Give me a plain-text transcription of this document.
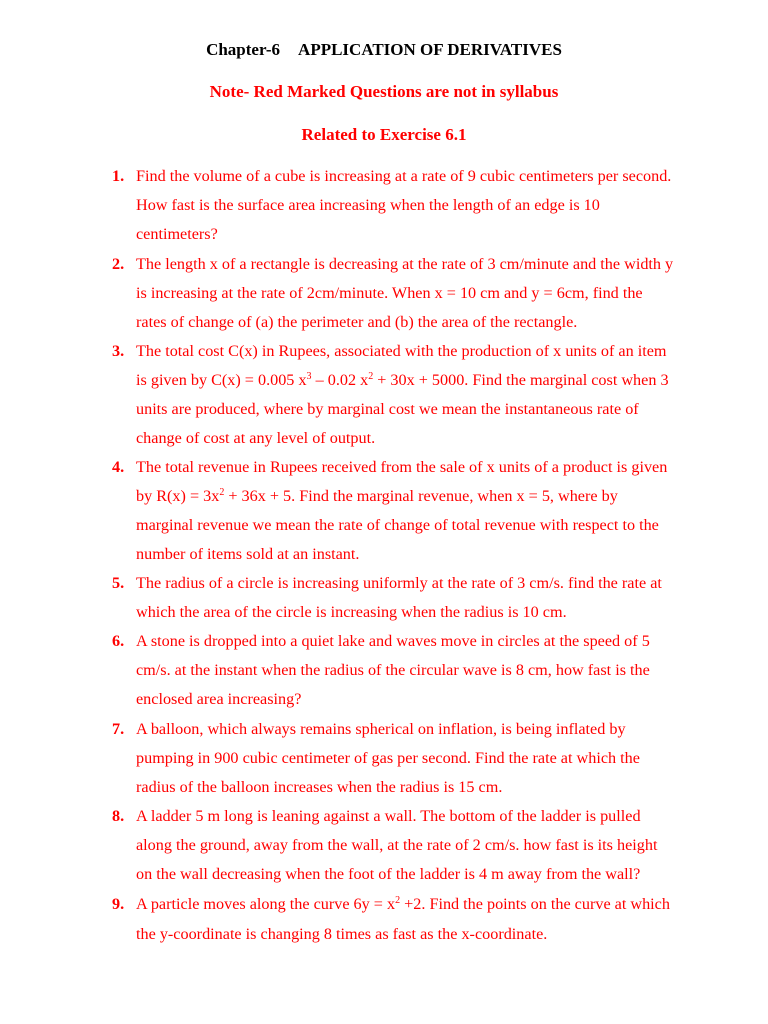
Chapter-6 APPLICATION OF DERIVATIVES
Note- Red Marked Questions are not in syllabus
Related to Exercise 6.1
1. Find the volume of a cube is increasing at a rate of 9 cubic centimeters per second.
How fast is the surface area increasing when the length of an edge is 10
centimeters?
2. The length x of a rectangle is decreasing at the rate of 3 cm/minute and the width y
is increasing at the rate of 2cm/minute. When x = 10 cm and y = 6cm, find the
rates of change of (a) the perimeter and (b) the area of the rectangle.
3. The total cost C(x) in Rupees, associated with the production of x units of an item
is given by C(x) = 0.005 $x^3 - 0.02$ $x^2 + 30x + 5000$. Find the marginal cost when 3
units are produced, where by marginal cost we mean the instantaneous rate of
change of cost at any level of output.
4. The total revenue in Rupees received from the sale of x units of a product is given
by $R(x) = 3x^2 + 36x + 5$. Find the marginal revenue, when x = 5, where by
marginal revenue we mean the rate of change of total revenue with respect to the
number of items sold at an instant.
5. The radius of a circle is increasing uniformly at the rate of 3 cm/s. find the rate at
which the area of the circle is increasing when the radius is 10 cm.
6. A stone is dropped into a quiet lake and waves move in circles at the speed of 5
cm/s. at the instant when the radius of the circular wave is 8 cm, how fast is the
enclosed area increasing?
7. A balloon, which always remains spherical on inflation, is being inflated by
pumping in 900 cubic centimeter of gas per second. Find the rate at which the
radius of the balloon increases when the radius is 15 cm.
8. A ladder 5 m long is leaning against a wall. The bottom of the ladder is pulled
along the ground, away from the wall, at the rate of 2 cm/s. how fast is its height
on the wall decreasing when the foot of the ladder is 4 m away from the wall?
9. A particle moves along the curve $6y = x^2 +2$. Find the points on the curve at which
the y-coordinate is changing 8 times as fast as the x-coordinate.
